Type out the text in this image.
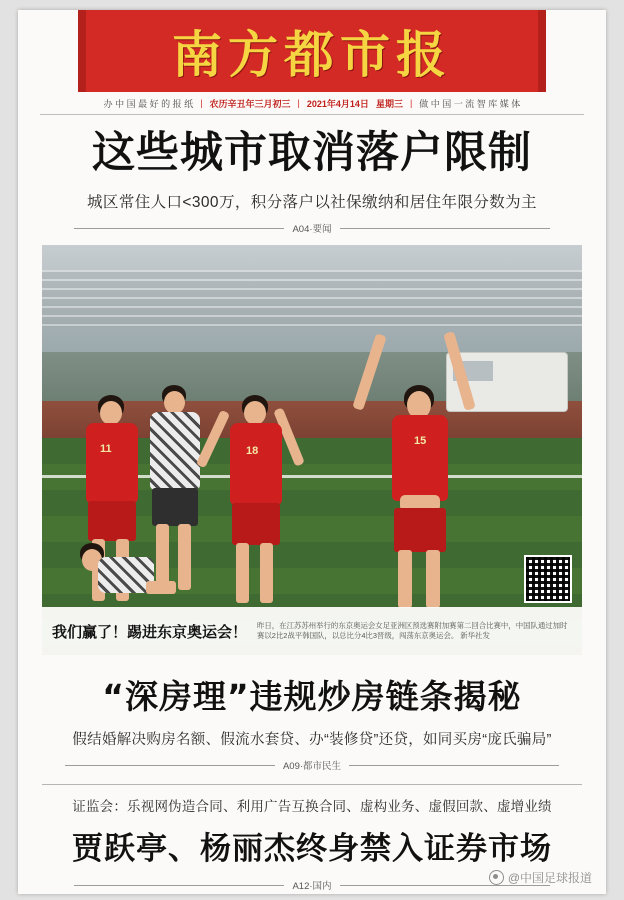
南方都市报
办 中 国 最 好 的 报 纸 | 农历辛丑年三月初三 | 2021年4月14日 星期三 | 做 中 国 一 流 智 库 媒 体
这些城市取消落户限制
城区常住人口<300万，积分落户以社保缴纳和居住年限分数为主
A04·要闻
15
11	18
我们赢了！踢进东京奥运会！	昨日，在江苏苏州举行的东京奥运会女足亚洲区预选赛附加赛第二回合比赛中，中国队通过加时赛以2比2战平韩国队，以总比分4比3晋级，闯荡东京奥运会。 新华社发
“深房理”违规炒房链条揭秘
假结婚解决购房名额、假流水套贷、办“装修贷”还贷，如同买房“庞氏骗局”
A09·都市民生
证监会：乐视网伪造合同、利用广告互换合同、虚构业务、虚假回款、虚增业绩
贾跃亭、杨丽杰终身禁入证券市场
A12·国内
@中国足球报道
